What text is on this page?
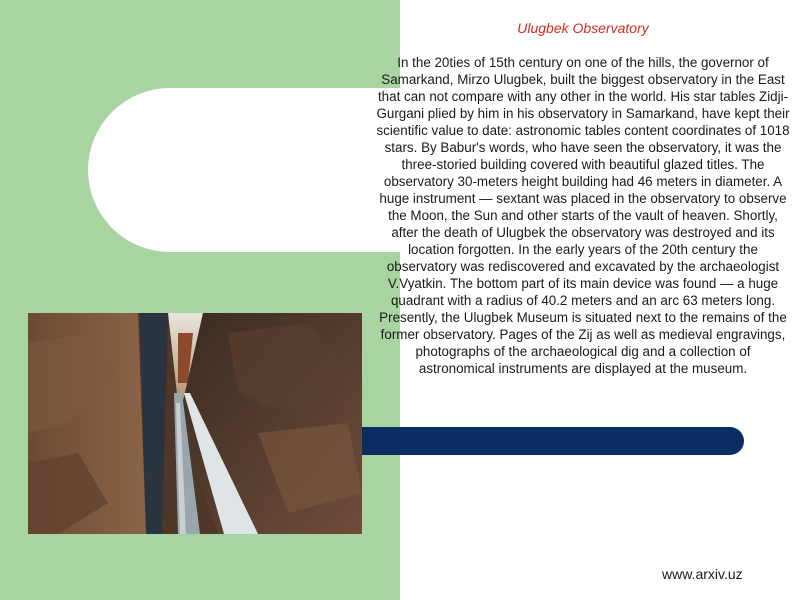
Ulugbek Observatory

In the 20ties of 15th century on one of the hills, the governor of Samarkand, Mirzo Ulugbek, built the biggest observatory in the East that can not compare with any other in the world. His star tables Zidji-Gurgani plied by him in his observatory in Samarkand, have kept their scientific value to date: astronomic tables content coordinates of 1018 stars. By Babur's words, who have seen the observatory, it was the three-storied building covered with beautiful glazed titles. The observatory 30-meters height building had 46 meters in diameter. A huge instrument — sextant was placed in the observatory to observe the Moon, the Sun and other starts of the vault of heaven. Shortly, after the death of Ulugbek the observatory was destroyed and its location forgotten. In the early years of the 20th century the observatory was rediscovered and excavated by the archaeologist V.Vyatkin. The bottom part of its main device was found — a huge quadrant with a radius of 40.2 meters and an arc 63 meters long. Presently, the Ulugbek Museum is situated next to the remains of the former observatory. Pages of the Zij as well as medieval engravings, photographs of the archaeological dig and a collection of astronomical instruments are displayed at the museum.

www.arxiv.uz
